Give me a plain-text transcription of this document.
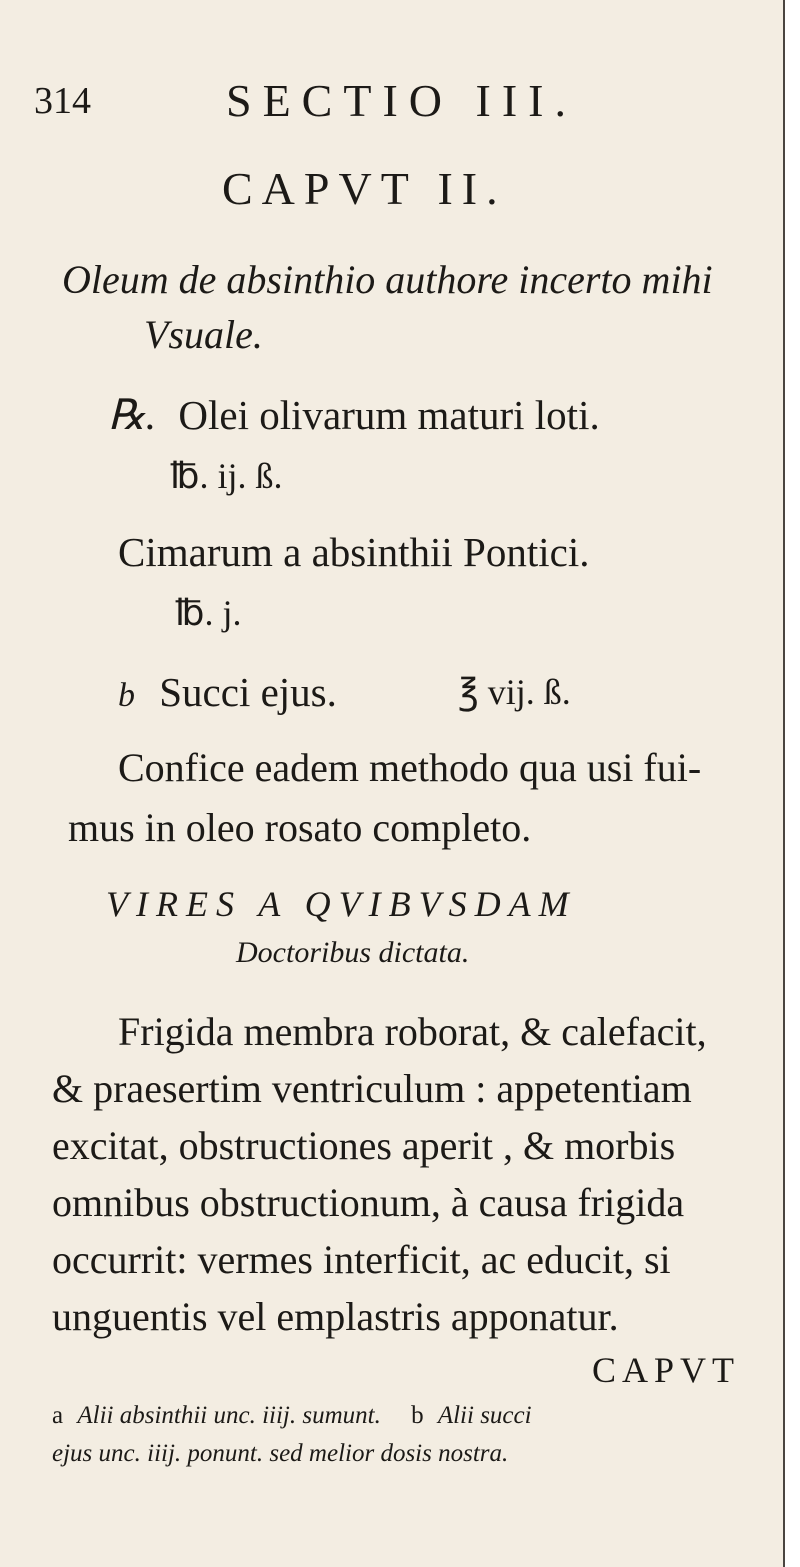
314	SECTIO III.
CAPVT II.
Oleum de absinthio authore incerto mihi
Vsuale.
℞. Olei olivarum maturi loti.
℔. ij. ß.
Cimarum a absinthii Pontici.
℔. j.
b Succi ejus.	℥ vij. ß.
Confice eadem methodo qua usi fui-
mus in oleo rosato completo.
VIRES A QVIBVSDAM
Doctoribus dictata.
Frigida membra roborat, & calefacit,
& praesertim ventriculum : appetentiam
excitat, obstructiones aperit , & morbis
omnibus obstructionum, à causa frigida
occurrit: vermes interficit, ac educit, si
unguentis vel emplastris apponatur.
CAPVT
a Alii absinthii unc. iiij. sumunt. b Alii succi
ejus unc. iiij. ponunt. sed melior dosis nostra.
